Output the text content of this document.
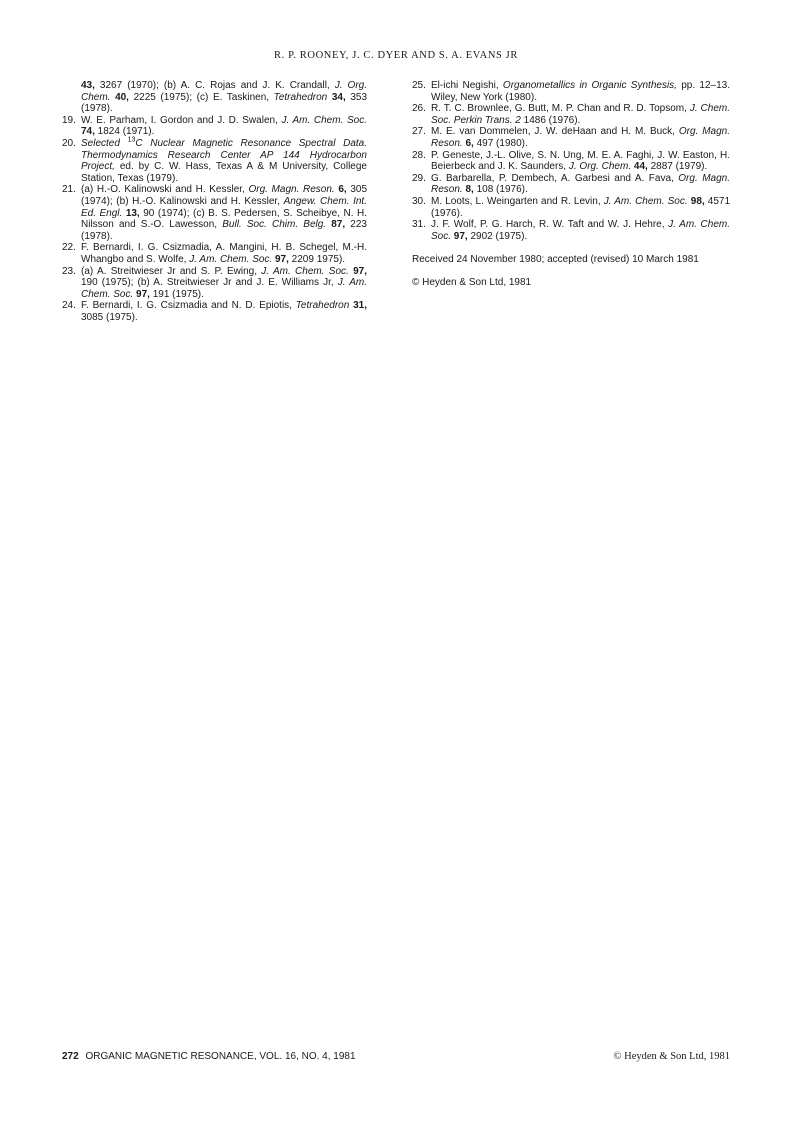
R. P. ROONEY, J. C. DYER AND S. A. EVANS JR
43, 3267 (1970); (b) A. C. Rojas and J. K. Crandall, J. Org. Chem. 40, 2225 (1975); (c) E. Taskinen, Tetrahedron 34, 353 (1978).
19. W. E. Parham, I. Gordon and J. D. Swalen, J. Am. Chem. Soc. 74, 1824 (1971).
20. Selected $^{13}$C Nuclear Magnetic Resonance Spectral Data. Thermodynamics Research Center AP 144 Hydrocarbon Project, ed. by C. W. Hass, Texas A & M University, College Station, Texas (1979).
21. (a) H.-O. Kalinowski and H. Kessler, Org. Magn. Reson. 6, 305 (1974); (b) H.-O. Kalinowski and H. Kessler, Angew. Chem. Int. Ed. Engl. 13, 90 (1974); (c) B. S. Pedersen, S. Scheibye, N. H. Nilsson and S.-O. Lawesson, Bull. Soc. Chim. Belg. 87, 223 (1978).
22. F. Bernardi, I. G. Csizmadia, A. Mangini, H. B. Schegel, M.-H. Whangbo and S. Wolfe, J. Am. Chem. Soc. 97, 2209 1975).
23. (a) A. Streitwieser Jr and S. P. Ewing, J. Am. Chem. Soc. 97, 190 (1975); (b) A. Streitwieser Jr and J. E. Williams Jr, J. Am. Chem. Soc. 97, 191 (1975).
24. F. Bernardi, I. G. Csizmadia and N. D. Epiotis, Tetrahedron 31, 3085 (1975).
25. El-ichi Negishi, Organometallics in Organic Synthesis, pp. 12–13. Wiley, New York (1980).
26. R. T. C. Brownlee, G. Butt, M. P. Chan and R. D. Topsom, J. Chem. Soc. Perkin Trans. 2 1486 (1976).
27. M. E. van Dommelen, J. W. deHaan and H. M. Buck, Org. Magn. Reson. 6, 497 (1980).
28. P. Geneste, J.-L. Olive, S. N. Ung, M. E. A. Faghi, J. W. Easton, H. Beierbeck and J. K. Saunders, J. Org. Chem. 44, 2887 (1979).
29. G. Barbarella, P. Dembech, A. Garbesi and A. Fava, Org. Magn. Reson. 8, 108 (1976).
30. M. Loots, L. Weingarten and R. Levin, J. Am. Chem. Soc. 98, 4571 (1976).
31. J. F. Wolf, P. G. Harch, R. W. Taft and W. J. Hehre, J. Am. Chem. Soc. 97, 2902 (1975).
Received 24 November 1980; accepted (revised) 10 March 1981
© Heyden & Son Ltd, 1981
272 ORGANIC MAGNETIC RESONANCE, VOL. 16, NO. 4, 1981	© Heyden & Son Ltd, 1981
